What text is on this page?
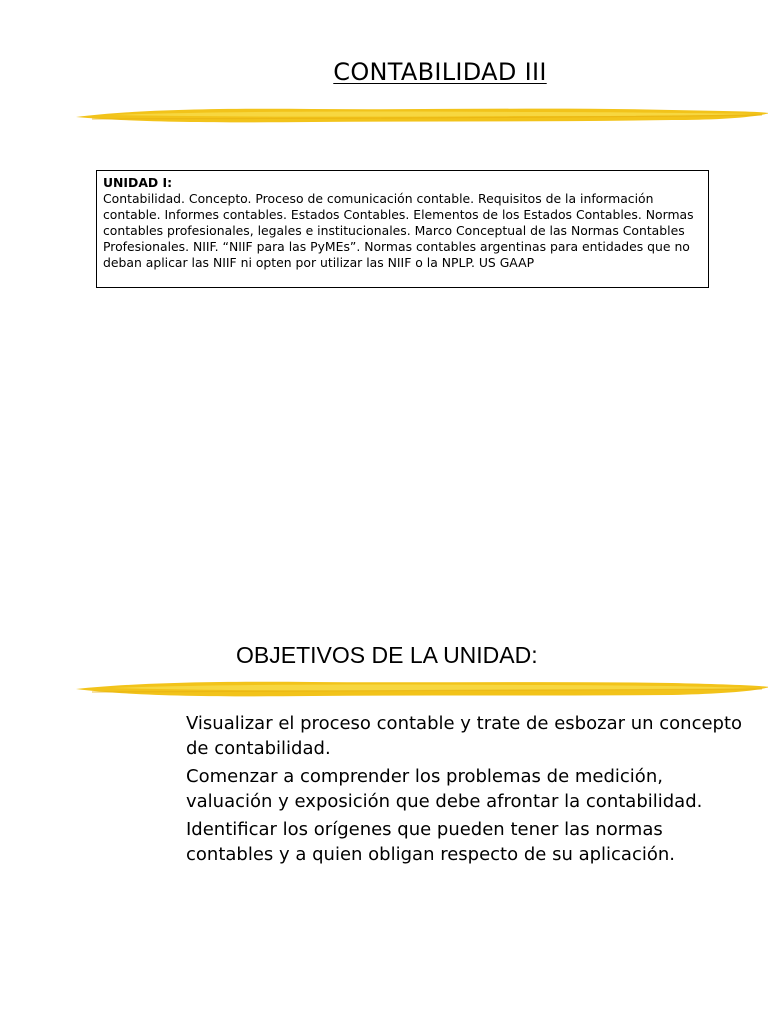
CONTABILIDAD III
UNIDAD I:
Contabilidad. Concepto. Proceso de comunicación contable. Requisitos de la información contable. Informes contables. Estados Contables. Elementos de los Estados Contables. Normas contables profesionales, legales e institucionales. Marco Conceptual de las Normas Contables Profesionales. NIIF. “NIIF para las PyMEs”. Normas contables argentinas para entidades que no deban aplicar las NIIF ni opten por utilizar las NIIF o la NPLP. US GAAP
OBJETIVOS DE LA UNIDAD:
Visualizar el proceso contable y trate de esbozar un concepto de contabilidad.
Comenzar a comprender los problemas de medición, valuación y exposición que debe afrontar la contabilidad.
Identificar los orígenes que pueden tener las normas contables y a quien obligan respecto de su aplicación.
